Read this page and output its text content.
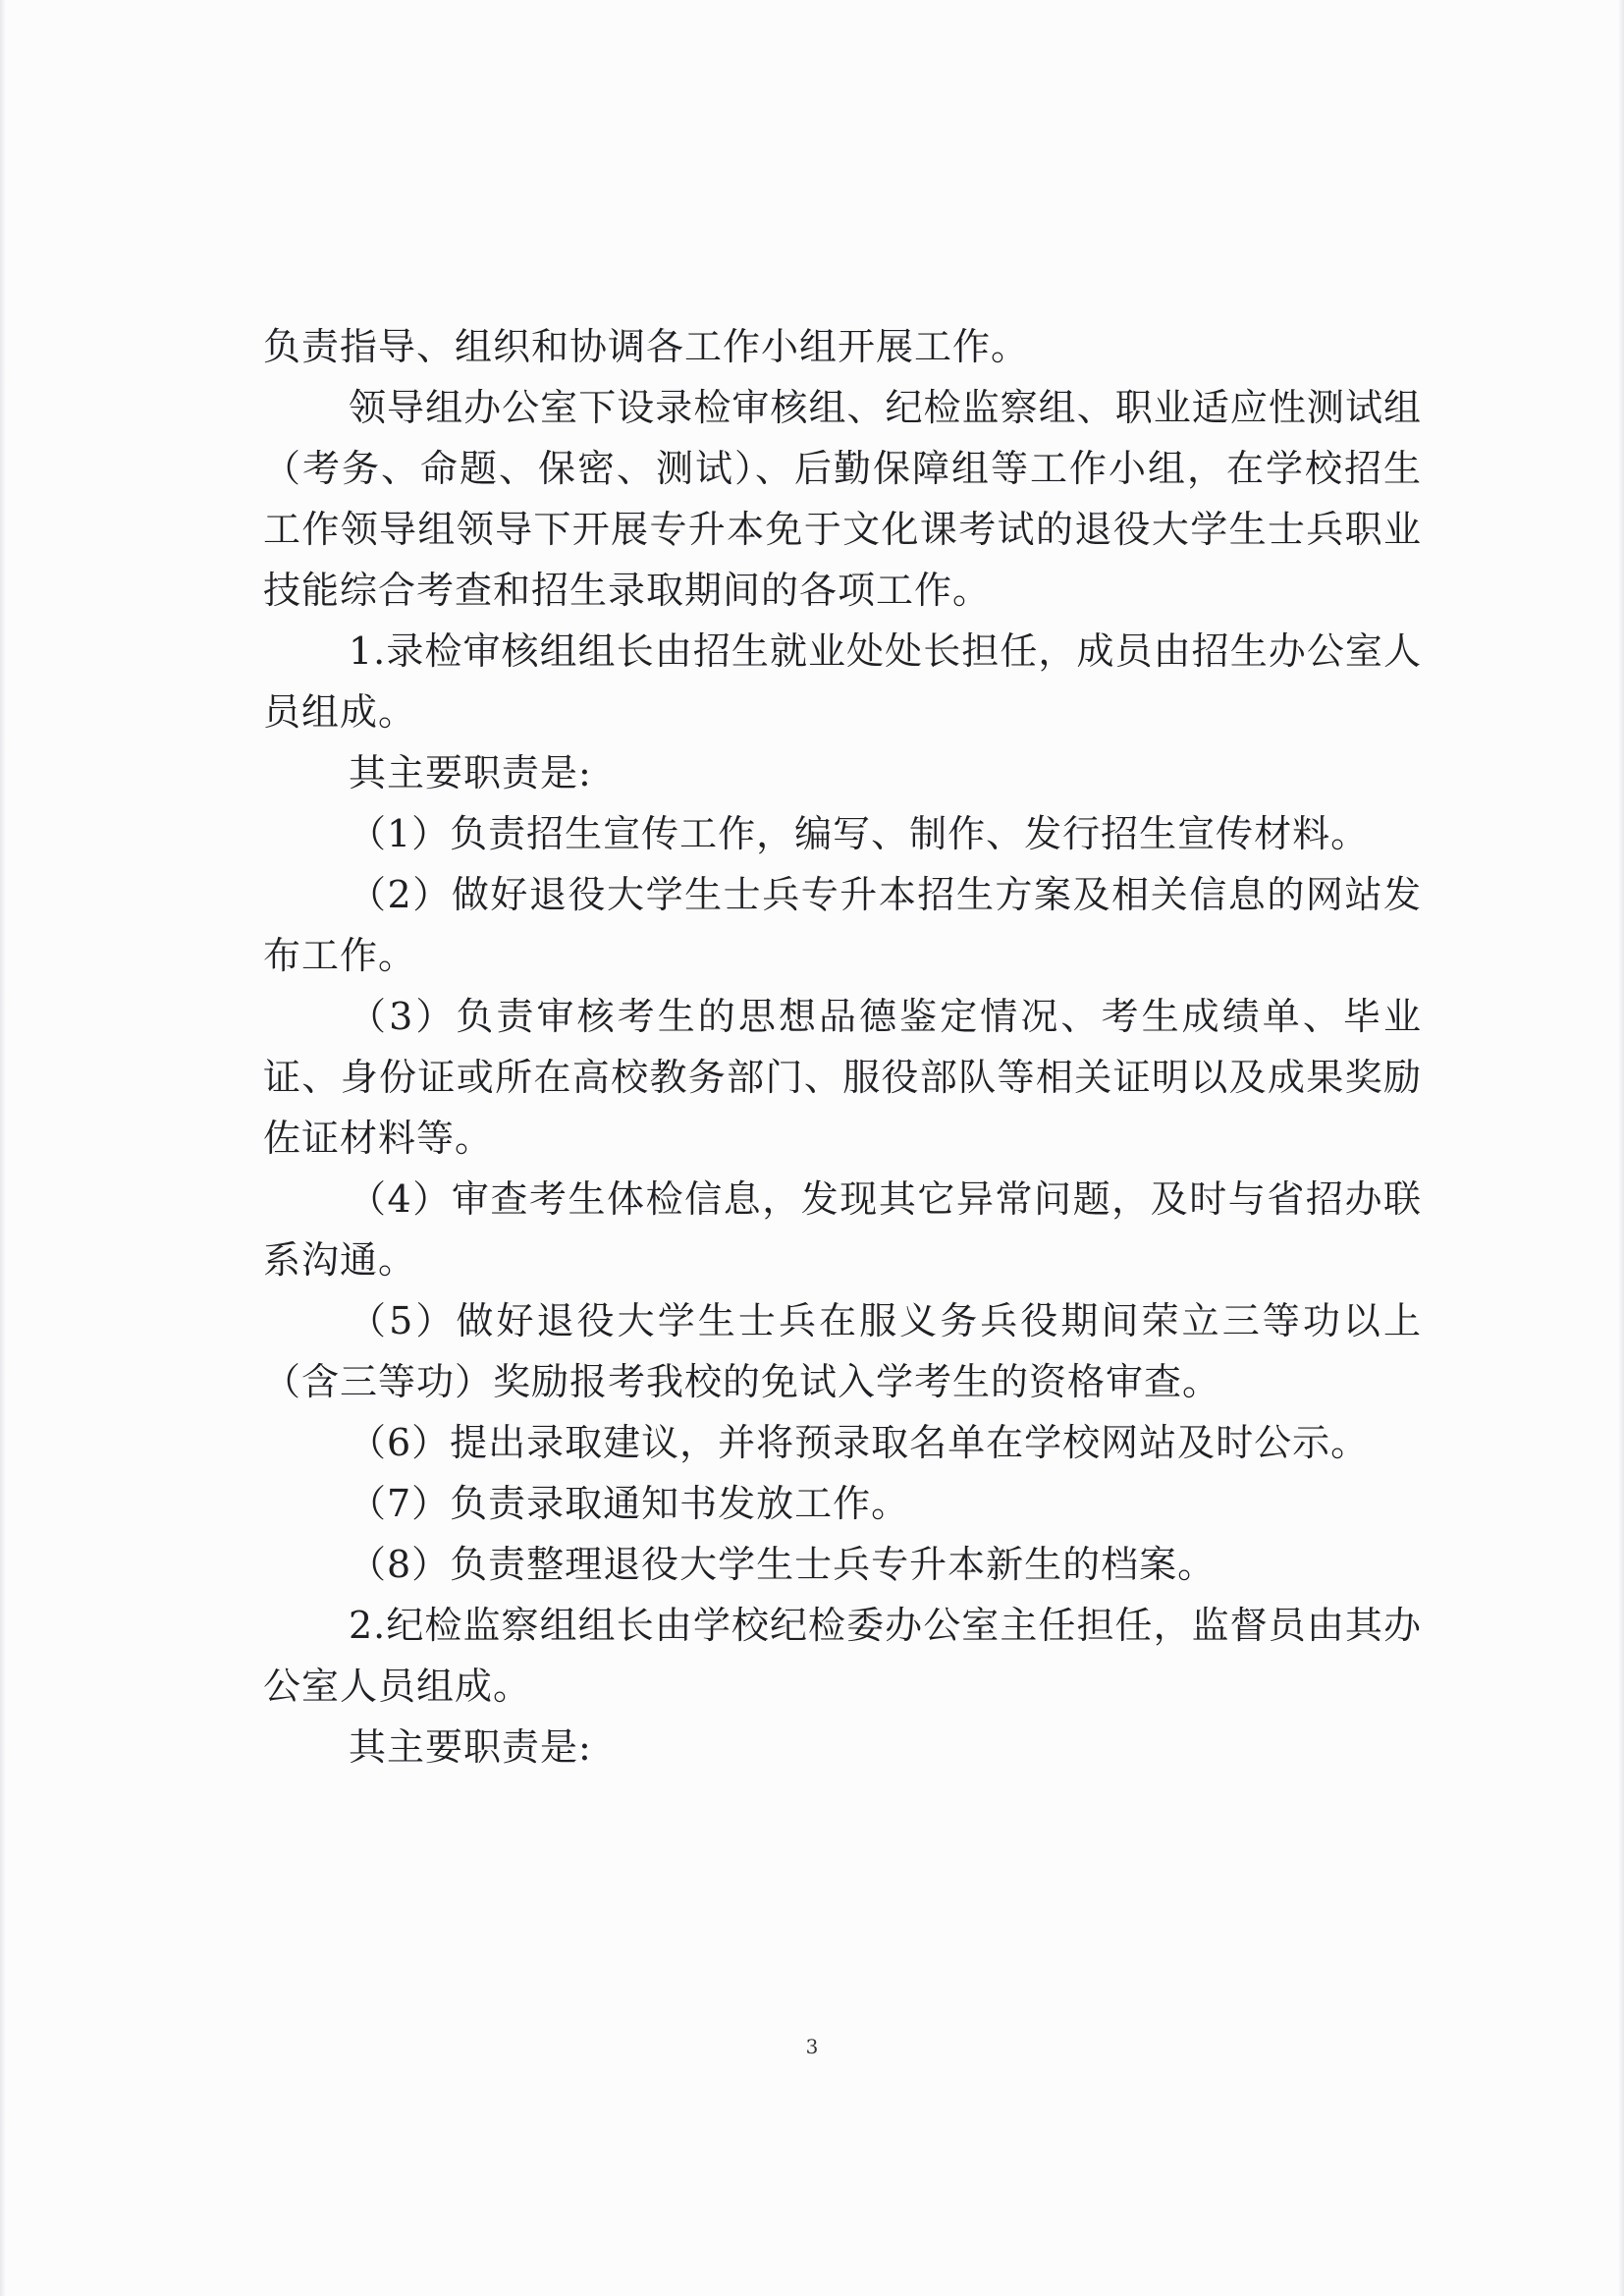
负责指导、组织和协调各工作小组开展工作。

领导组办公室下设录检审核组、纪检监察组、职业适应性测试组（考务、命题、保密、测试）、后勤保障组等工作小组，在学校招生工作领导组领导下开展专升本免于文化课考试的退役大学生士兵职业技能综合考查和招生录取期间的各项工作。

1.录检审核组组长由招生就业处处长担任，成员由招生办公室人员组成。

其主要职责是:

（1）负责招生宣传工作，编写、制作、发行招生宣传材料。

（2）做好退役大学生士兵专升本招生方案及相关信息的网站发布工作。

（3）负责审核考生的思想品德鉴定情况、考生成绩单、毕业证、身份证或所在高校教务部门、服役部队等相关证明以及成果奖励佐证材料等。

（4）审查考生体检信息，发现其它异常问题，及时与省招办联系沟通。

（5）做好退役大学生士兵在服义务兵役期间荣立三等功以上（含三等功）奖励报考我校的免试入学考生的资格审查。

（6）提出录取建议，并将预录取名单在学校网站及时公示。

（7）负责录取通知书发放工作。

（8）负责整理退役大学生士兵专升本新生的档案。

2.纪检监察组组长由学校纪检委办公室主任担任，监督员由其办公室人员组成。

其主要职责是:

3
